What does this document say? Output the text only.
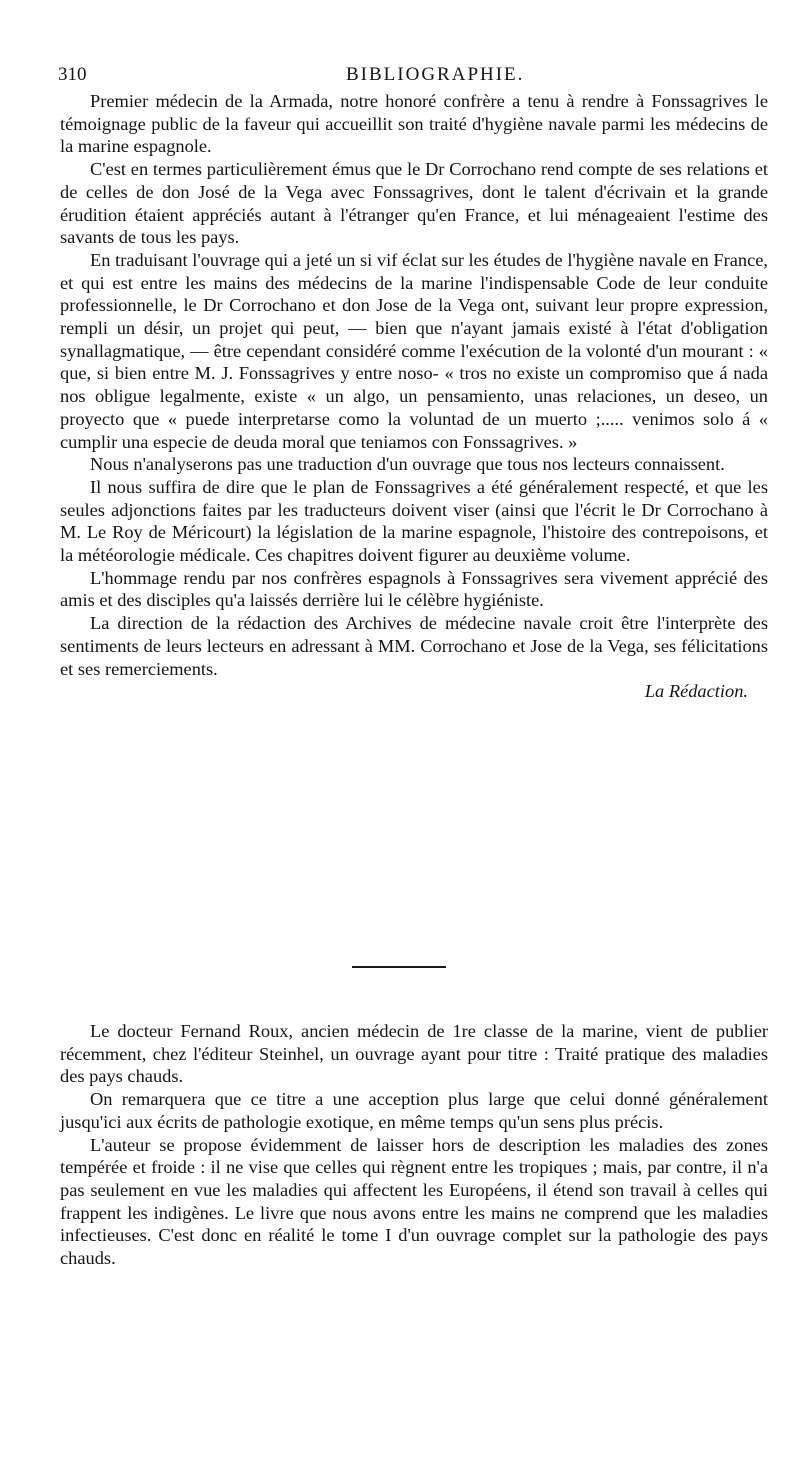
310	BIBLIOGRAPHIE.

Premier médecin de la Armada, notre honoré confrère a tenu à rendre à Fonssagrives le témoignage public de la faveur qui accueillit son traité d'hygiène navale parmi les médecins de la marine espagnole.

C'est en termes particulièrement émus que le Dr Corrochano rend compte de ses relations et de celles de don José de la Vega avec Fonssagrives, dont le talent d'écrivain et la grande érudition étaient appréciés autant à l'étranger qu'en France, et lui ménageaient l'estime des savants de tous les pays.

En traduisant l'ouvrage qui a jeté un si vif éclat sur les études de l'hygiène navale en France, et qui est entre les mains des médecins de la marine l'indispensable Code de leur conduite professionnelle, le Dr Corrochano et don Jose de la Vega ont, suivant leur propre expression, rempli un désir, un projet qui peut, — bien que n'ayant jamais existé à l'état d'obligation synallagmatique, — être cependant considéré comme l'exécution de la volonté d'un mourant : « que, si bien entre M. J. Fonssagrives y entre noso- « tros no existe un compromiso que á nada nos obligue legalmente, existe « un algo, un pensamiento, unas relaciones, un deseo, un proyecto que « puede interpretarse como la voluntad de un muerto ;..... venimos solo á « cumplir una especie de deuda moral que teniamos con Fonssagrives. »

Nous n'analyserons pas une traduction d'un ouvrage que tous nos lecteurs connaissent.

Il nous suffira de dire que le plan de Fonssagrives a été généralement respecté, et que les seules adjonctions faites par les traducteurs doivent viser (ainsi que l'écrit le Dr Corrochano à M. Le Roy de Méricourt) la législation de la marine espagnole, l'histoire des contrepoisons, et la météorologie médicale. Ces chapitres doivent figurer au deuxième volume.

L'hommage rendu par nos confrères espagnols à Fonssagrives sera vivement apprécié des amis et des disciples qu'a laissés derrière lui le célèbre hygiéniste.

La direction de la rédaction des Archives de médecine navale croit être l'interprète des sentiments de leurs lecteurs en adressant à MM. Corrochano et Jose de la Vega, ses félicitations et ses remerciements.

La Rédaction.

Le docteur Fernand Roux, ancien médecin de 1re classe de la marine, vient de publier récemment, chez l'éditeur Steinhel, un ouvrage ayant pour titre : Traité pratique des maladies des pays chauds.

On remarquera que ce titre a une acception plus large que celui donné généralement jusqu'ici aux écrits de pathologie exotique, en même temps qu'un sens plus précis.

L'auteur se propose évidemment de laisser hors de description les maladies des zones tempérée et froide : il ne vise que celles qui règnent entre les tropiques ; mais, par contre, il n'a pas seulement en vue les maladies qui affectent les Européens, il étend son travail à celles qui frappent les indigènes. Le livre que nous avons entre les mains ne comprend que les maladies infectieuses. C'est donc en réalité le tome I d'un ouvrage complet sur la pathologie des pays chauds.
